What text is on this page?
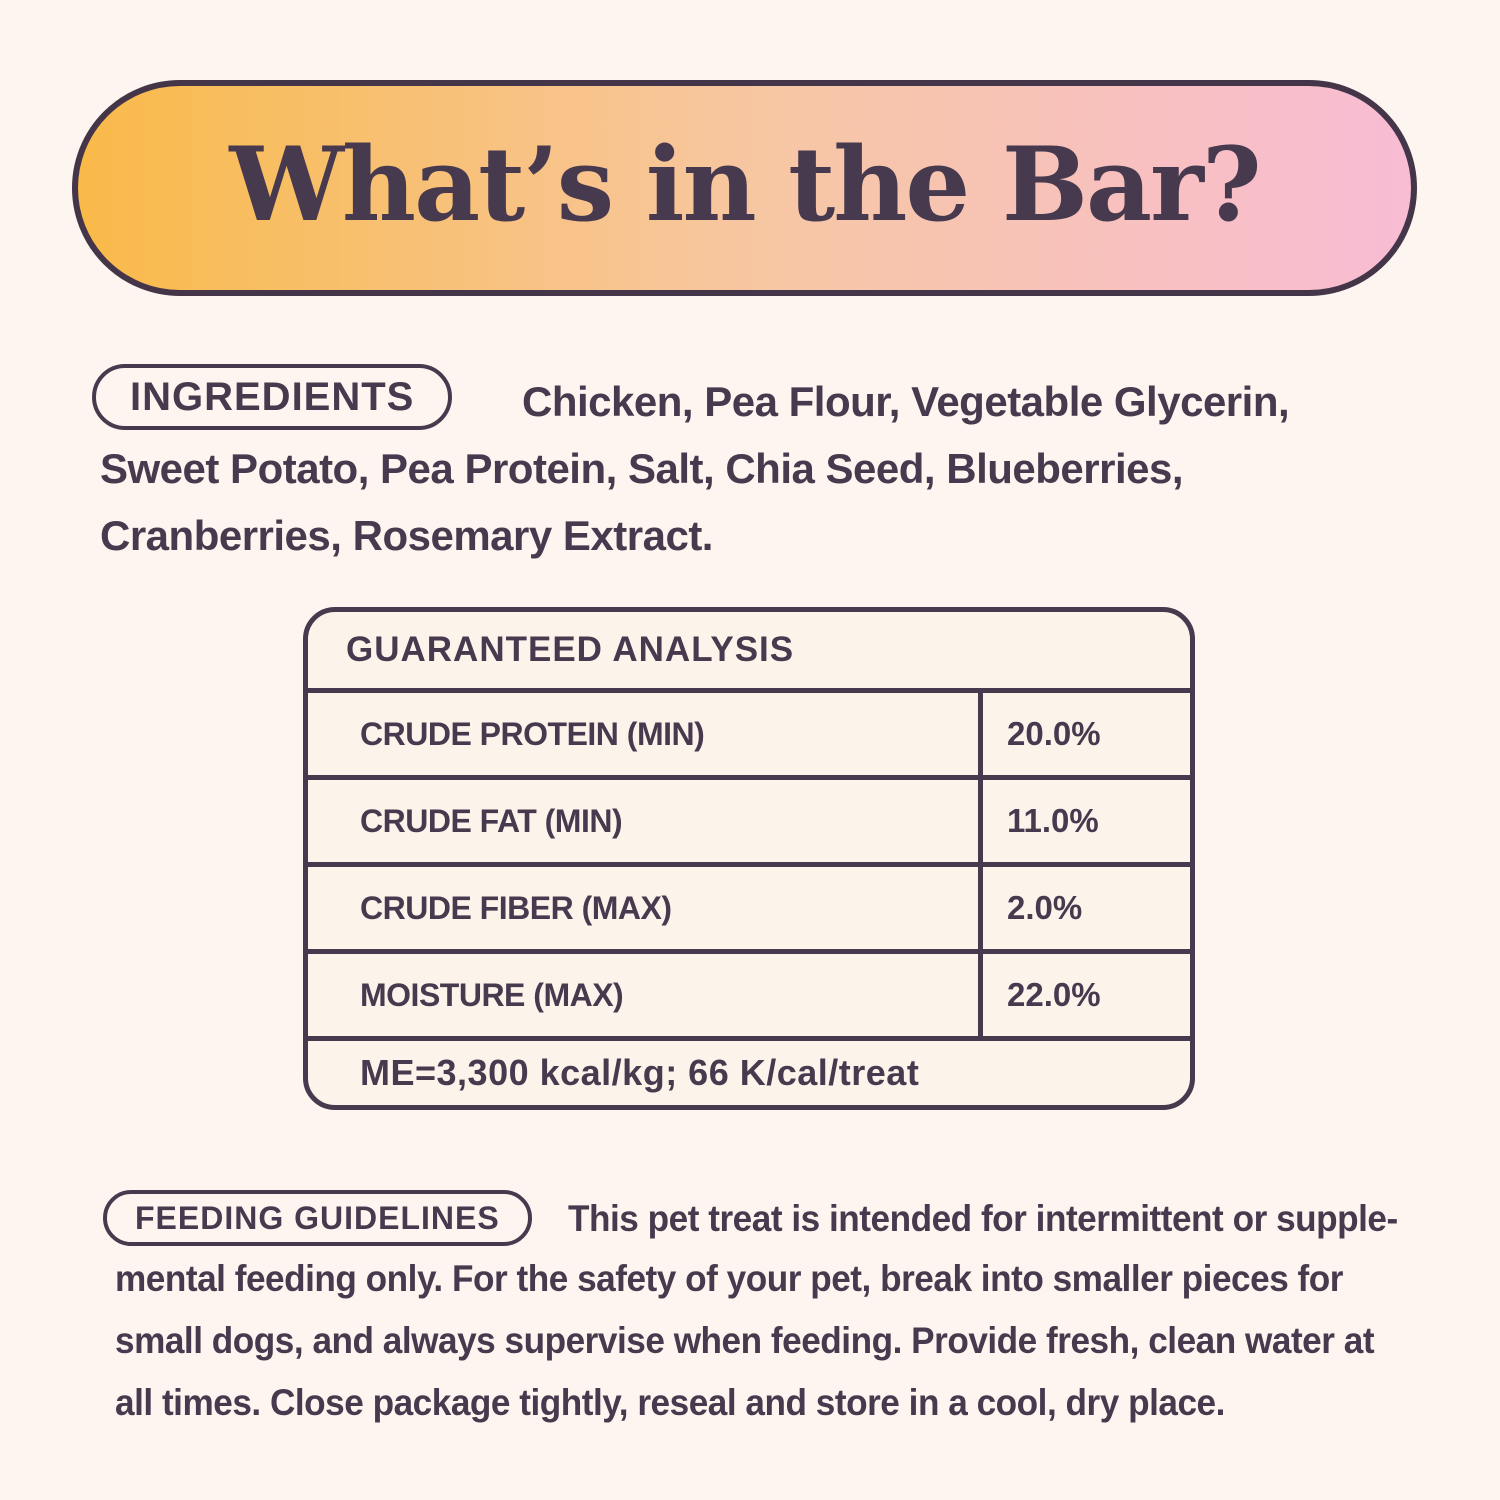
What’s in the Bar?
INGREDIENTS	Chicken, Pea Flour, Vegetable Glycerin,
Sweet Potato, Pea Protein, Salt, Chia Seed, Blueberries,
Cranberries, Rosemary Extract.
GUARANTEED ANALYSIS
CRUDE PROTEIN (MIN)	20.0%
CRUDE FAT (MIN)	11.0%
CRUDE FIBER (MAX)	2.0%
MOISTURE (MAX)	22.0%
ME=3,300 kcal/kg; 66 K/cal/treat
FEEDING GUIDELINES This pet treat is intended for intermittent or supple-
mental feeding only. For the safety of your pet, break into smaller pieces for
small dogs, and always supervise when feeding. Provide fresh, clean water at
all times. Close package tightly, reseal and store in a cool, dry place.
